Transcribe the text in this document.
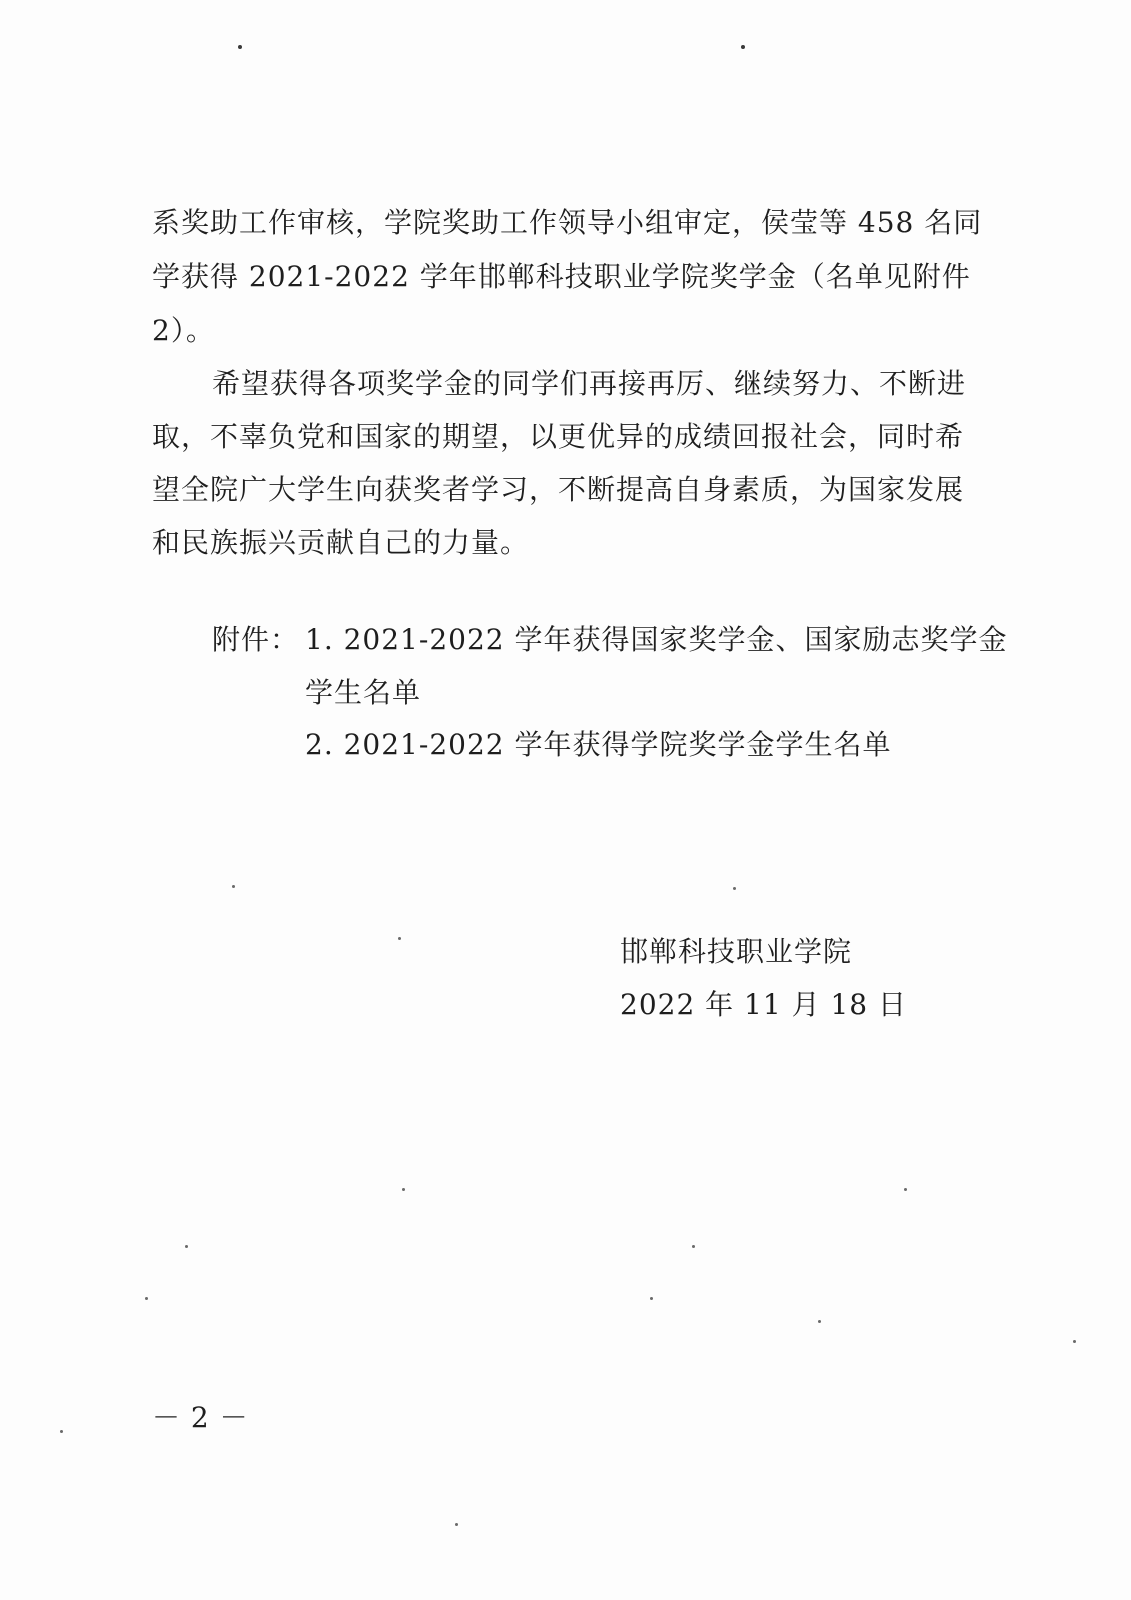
系奖助工作审核，学院奖助工作领导小组审定，侯莹等 458 名同
学获得 2021-2022 学年邯郸科技职业学院奖学金（名单见附件
2）。
希望获得各项奖学金的同学们再接再厉、继续努力、不断进
取，不辜负党和国家的期望，以更优异的成绩回报社会，同时希
望全院广大学生向获奖者学习，不断提高自身素质，为国家发展
和民族振兴贡献自己的力量。
附件： 1. 2021-2022 学年获得国家奖学金、国家励志奖学金
学生名单
2. 2021-2022 学年获得学院奖学金学生名单
邯郸科技职业学院
2022 年 11 月 18 日
－ 2 －
